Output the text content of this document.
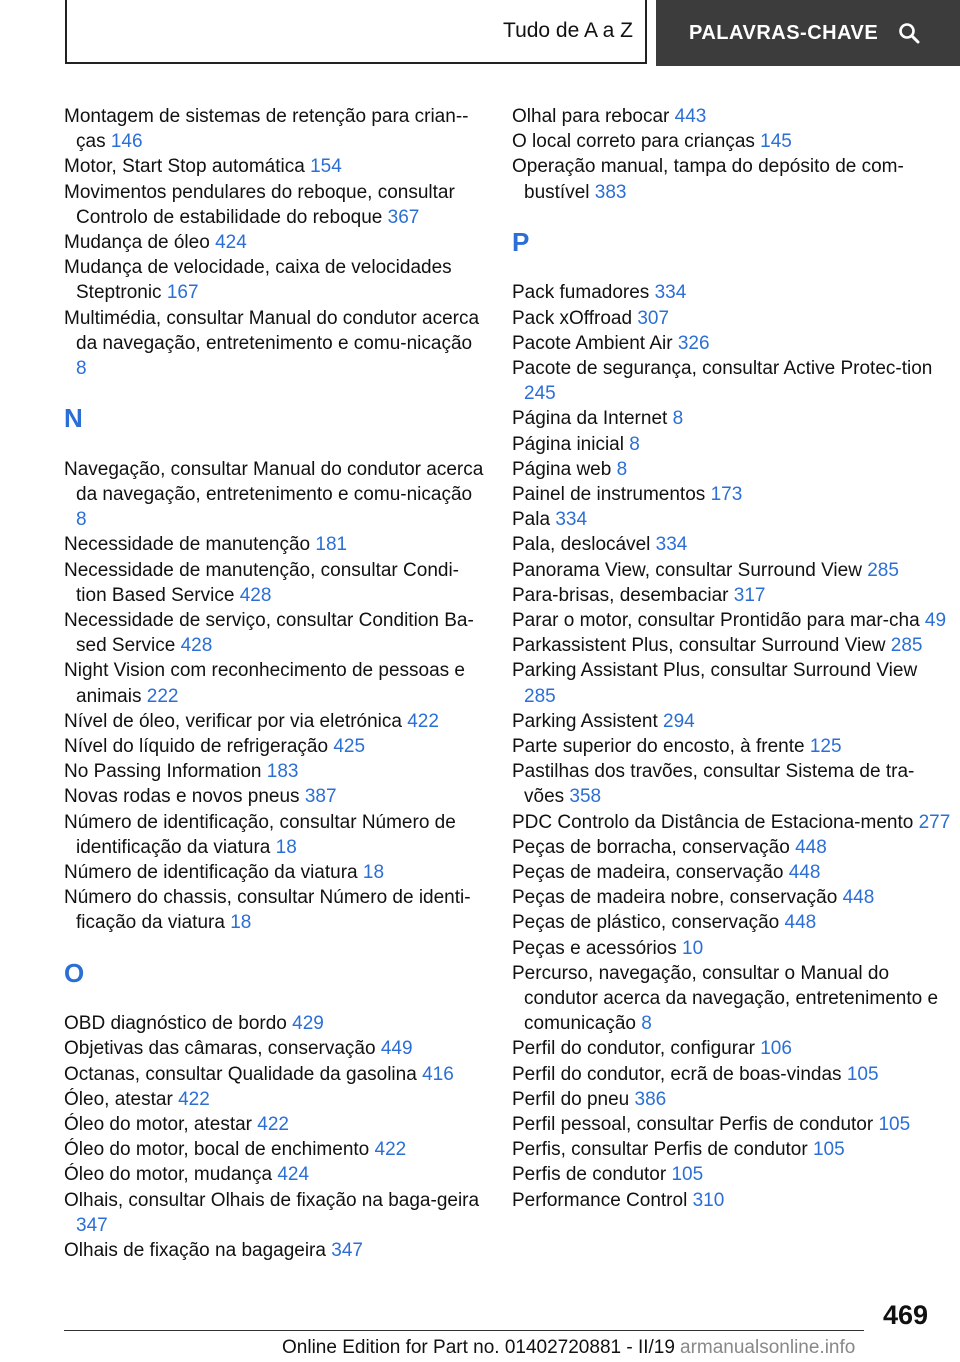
Tudo de A a Z	PALAVRAS-CHAVE

Montagem de sistemas de retenção para crian-ças 146

Motor, Start Stop automática 154

Movimentos pendulares do reboque, consultar Controlo de estabilidade do reboque 367

Mudança de óleo 424

Mudança de velocidade, caixa de velocidades Steptronic 167

Multimédia, consultar Manual do condutor acerca da navegação, entretenimento e comu-nicação 8

N

Navegação, consultar Manual do condutor acerca da navegação, entretenimento e comu-nicação 8

Necessidade de manutenção 181

Necessidade de manutenção, consultar Condi-tion Based Service 428

Necessidade de serviço, consultar Condition Ba-sed Service 428

Night Vision com reconhecimento de pessoas e animais 222

Nível de óleo, verificar por via eletrónica 422

Nível do líquido de refrigeração 425

No Passing Information 183

Novas rodas e novos pneus 387

Número de identificação, consultar Número de identificação da viatura 18

Número de identificação da viatura 18

Número do chassis, consultar Número de identi-ficação da viatura 18

O

OBD diagnóstico de bordo 429

Objetivas das câmaras, conservação 449

Octanas, consultar Qualidade da gasolina 416

Óleo, atestar 422

Óleo do motor, atestar 422

Óleo do motor, bocal de enchimento 422

Óleo do motor, mudança 424

Olhais, consultar Olhais de fixação na baga-geira 347

Olhais de fixação na bagageira 347

Olhal para rebocar 443

O local correto para crianças 145

Operação manual, tampa do depósito de com-bustível 383

P

Pack fumadores 334

Pack xOffroad 307

Pacote Ambient Air 326

Pacote de segurança, consultar Active Protec-tion 245

Página da Internet 8

Página inicial 8

Página web 8

Painel de instrumentos 173

Pala 334

Pala, deslocável 334

Panorama View, consultar Surround View 285

Para-brisas, desembaciar 317

Parar o motor, consultar Prontidão para mar-cha 49

Parkassistent Plus, consultar Surround View 285

Parking Assistant Plus, consultar Surround View 285

Parking Assistent 294

Parte superior do encosto, à frente 125

Pastilhas dos travões, consultar Sistema de tra-vões 358

PDC Controlo da Distância de Estaciona-mento 277

Peças de borracha, conservação 448

Peças de madeira, conservação 448

Peças de madeira nobre, conservação 448

Peças de plástico, conservação 448

Peças e acessórios 10

Percurso, navegação, consultar o Manual do condutor acerca da navegação, entretenimento e comunicação 8

Perfil do condutor, configurar 106

Perfil do condutor, ecrã de boas-vindas 105

Perfil do pneu 386

Perfil pessoal, consultar Perfis de condutor 105

Perfis, consultar Perfis de condutor 105

Perfis de condutor 105

Performance Control 310

469
Online Edition for Part no. 01402720881 - II/19 armanualsonline.info
